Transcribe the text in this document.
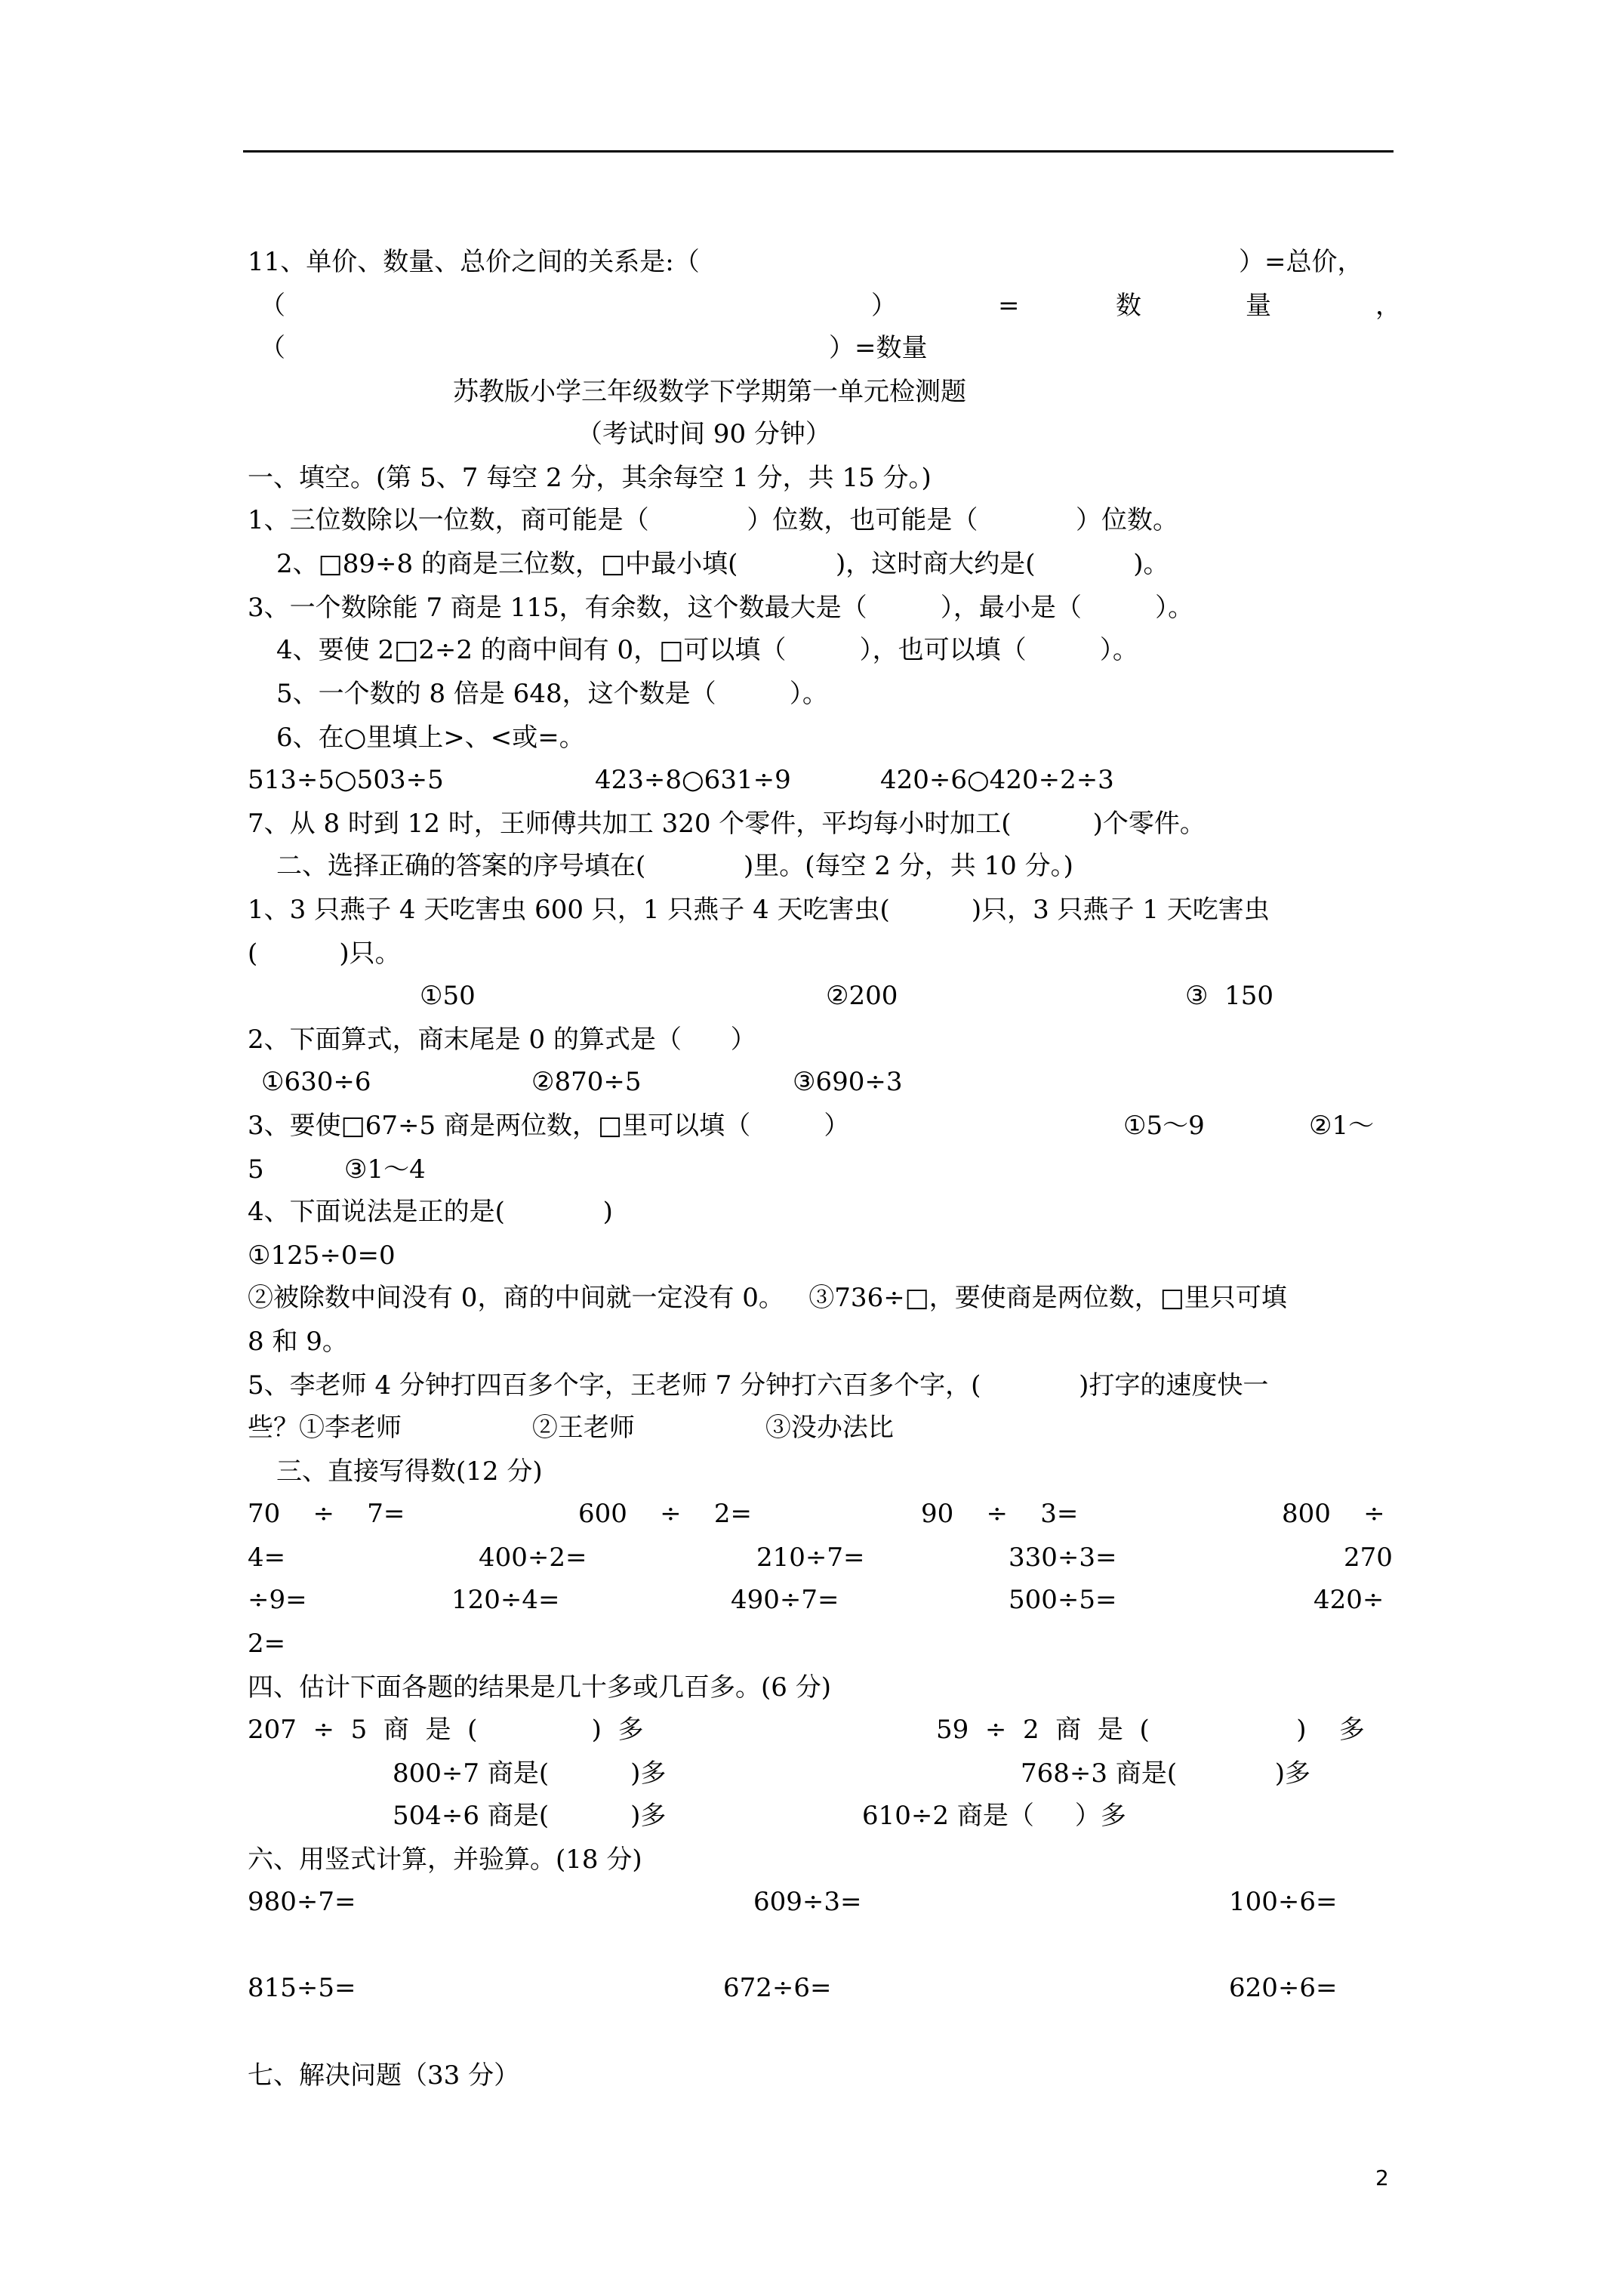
11、单价、数量、总价之间的关系是:（	）=总价，
（	）	=	数	量	，
（	）=数量
苏教版小学三年级数学下学期第一单元检测题
（考试时间 90 分钟）
一、填空。(第 5、7 每空 2 分，其余每空 1 分，共 15 分。)
1、三位数除以一位数，商可能是（            ）位数，也可能是（            ）位数。
2、□89÷8 的商是三位数，□中最小填(            )，这时商大约是(            )。
3、一个数除能 7 商是 115，有余数，这个数最大是（         ），最小是（         ）。
4、要使 2□2÷2 的商中间有 0，□可以填（         ），也可以填（         ）。
5、一个数的 8 倍是 648，这个数是（         ）。
6、在○里填上>、<或=。
513÷5○503÷5	423÷8○631÷9	420÷6○420÷2÷3
7、从 8 时到 12 时，王师傅共加工 320 个零件，平均每小时加工(          )个零件。
二、选择正确的答案的序号填在(            )里。(每空 2 分，共 10 分。)
1、3 只燕子 4 天吃害虫 600 只，1 只燕子 4 天吃害虫(          )只，3 只燕子 1 天吃害虫
(          )只。
①50	②200	③  150
2、下面算式，商末尾是 0 的算式是（      ）
①630÷6	②870÷5	③690÷3
3、要使□67÷5 商是两位数，□里可以填（         ）	①5～9	②1～
5	③1～4
4、下面说法是正的是(            )
①125÷0=0
②被除数中间没有 0，商的中间就一定没有 0。   ③736÷□，要使商是两位数，□里只可填
8 和 9。
5、李老师 4 分钟打四百多个字，王老师 7 分钟打六百多个字，(            )打字的速度快一
些？①李老师                ②王老师                ③没办法比
三、直接写得数(12 分)
70    ÷    7=	600    ÷    2=	90    ÷    3=	800    ÷
4=	400÷2=	210÷7=	330÷3=	270
÷9=	120÷4=	490÷7=	500÷5=	420÷
2=
四、估计下面各题的结果是几十多或几百多。(6 分)
207  ÷  5  商  是  (              )  多	59  ÷  2  商  是  (                  )    多
800÷7 商是(          )多	768÷3 商是(            )多
504÷6 商是(          )多	610÷2 商是（     ）多
六、用竖式计算，并验算。(18 分)
980÷7=	609÷3=	100÷6=
815÷5=	672÷6=	620÷6=
七、解决问题（33 分）
2
